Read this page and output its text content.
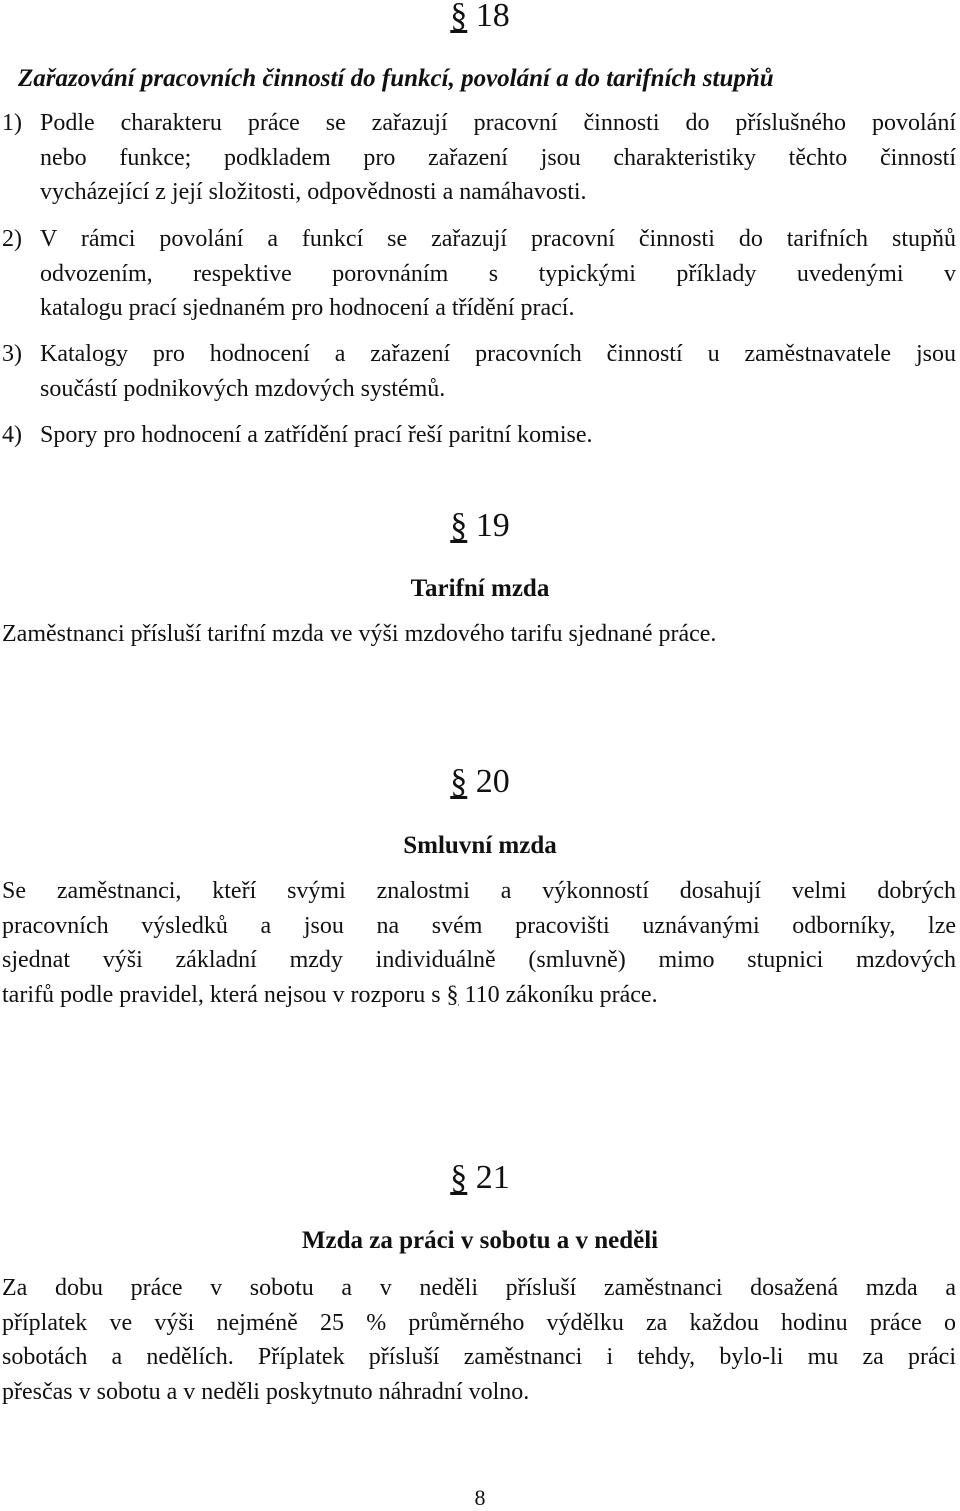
§ 18
Zařazování pracovních činností do funkcí, povolání a do tarifních stupňů
1) Podle charakteru práce se zařazují pracovní činnosti do příslušného povolání
nebo funkce; podkladem pro zařazení jsou charakteristiky těchto činností
vycházející z její složitosti, odpovědnosti a namáhavosti.
2) V rámci povolání a funkcí se zařazují pracovní činnosti do tarifních stupňů
odvozením, respektive porovnáním s typickými příklady uvedenými v
katalogu prací sjednaném pro hodnocení a třídění prací.
3) Katalogy pro hodnocení a zařazení pracovních činností u zaměstnavatele jsou
součástí podnikových mzdových systémů.
4) Spory pro hodnocení a zatřídění prací řeší paritní komise.
§ 19
Tarifní mzda
Zaměstnanci přísluší tarifní mzda ve výši mzdového tarifu sjednané práce.
§ 20
Smluvní mzda
Se zaměstnanci, kteří svými znalostmi a výkonností dosahují velmi dobrých
pracovních výsledků a jsou na svém pracovišti uznávanými odborníky, lze
sjednat výši základní mzdy individuálně (smluvně) mimo stupnici mzdových
tarifů podle pravidel, která nejsou v rozporu s § 110 zákoníku práce.
§ 21
Mzda za práci v sobotu a v neděli
Za dobu práce v sobotu a v neděli přísluší zaměstnanci dosažená mzda a
příplatek ve výši nejméně 25 % průměrného výdělku za každou hodinu práce o
sobotách a nedělích. Příplatek přísluší zaměstnanci i tehdy, bylo-li mu za práci
přesčas v sobotu a v neděli poskytnuto náhradní volno.
8
